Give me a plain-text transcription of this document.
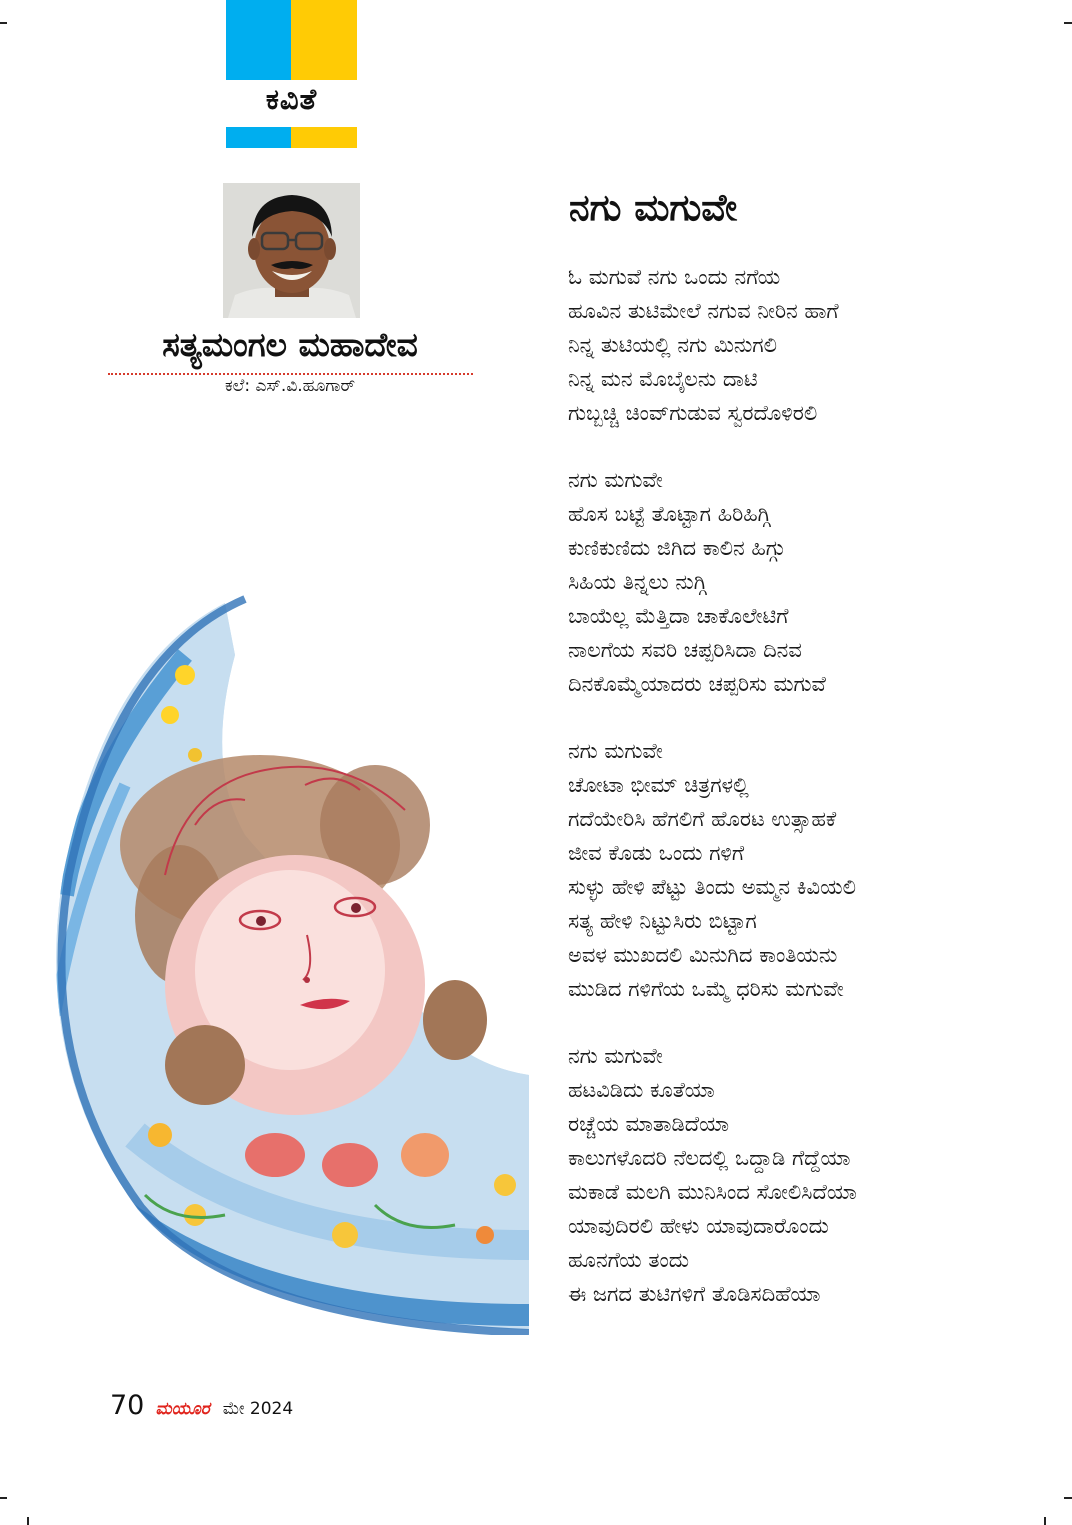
ಕವಿತೆ
ಸತ್ಯಮಂಗಲ ಮಹಾದೇವ
ಕಲೆ: ಎಸ್.ವಿ.ಹೂಗಾರ್
ನಗು ಮಗುವೇ
ಓ ಮಗುವೆ ನಗು ಒಂದು ನಗೆಯ
ಹೂವಿನ ತುಟಿಮೇಲೆ ನಗುವ ನೀರಿನ ಹಾಗೆ
ನಿನ್ನ ತುಟಿಯಲ್ಲಿ ನಗು ಮಿನುಗಲಿ
ನಿನ್ನ ಮನ ಮೊಬೈಲನು ದಾಟಿ
ಗುಬ್ಬಚ್ಚಿ ಚಿಂವ್‌ಗುಡುವ ಸ್ವರದೊಳಿರಲಿ
ನಗು ಮಗುವೇ
ಹೊಸ ಬಟ್ಟೆ ತೊಟ್ಟಾಗ ಹಿರಿಹಿಗ್ಗಿ
ಕುಣಿಕುಣಿದು ಜಿಗಿದ ಕಾಲಿನ ಹಿಗ್ಗು
ಸಿಹಿಯ ತಿನ್ನಲು ನುಗ್ಗಿ
ಬಾಯೆಲ್ಲ ಮೆತ್ತಿದಾ ಚಾಕೊಲೇಟಿಗೆ
ನಾಲಗೆಯ ಸವರಿ ಚಪ್ಪರಿಸಿದಾ ದಿನವ
ದಿನಕೊಮ್ಮೆಯಾದರು ಚಪ್ಪರಿಸು ಮಗುವೆ
ನಗು ಮಗುವೇ
ಚೋಟಾ ಭೀಮ್ ಚಿತ್ರಗಳಲ್ಲಿ
ಗದೆಯೇರಿಸಿ ಹೆಗಲಿಗೆ ಹೊರಟ ಉತ್ಸಾಹಕೆ
ಜೀವ ಕೊಡು ಒಂದು ಗಳಿಗೆ
ಸುಳ್ಳು ಹೇಳಿ ಪೆಟ್ಟು ತಿಂದು ಅಮ್ಮನ ಕಿವಿಯಲಿ
ಸತ್ಯ ಹೇಳಿ ನಿಟ್ಟುಸಿರು ಬಿಟ್ಟಾಗ
ಅವಳ ಮುಖದಲಿ ಮಿನುಗಿದ ಕಾಂತಿಯನು
ಮುಡಿದ ಗಳಿಗೆಯ ಒಮ್ಮೆ ಧರಿಸು ಮಗುವೇ
ನಗು ಮಗುವೇ
ಹಟವಿಡಿದು ಕೂತೆಯಾ
ರಚ್ಚೆಯ ಮಾತಾಡಿದೆಯಾ
ಕಾಲುಗಳೊದರಿ ನೆಲದಲ್ಲಿ ಒದ್ದಾಡಿ ಗೆದ್ದೆಯಾ
ಮಕಾಡೆ ಮಲಗಿ ಮುನಿಸಿಂದ ಸೋಲಿಸಿದೆಯಾ
ಯಾವುದಿರಲಿ ಹೇಳು ಯಾವುದಾರೊಂದು
ಹೂನಗೆಯ ತಂದು
ಈ ಜಗದ ತುಟಿಗಳಿಗೆ ತೊಡಿಸದಿಹೆಯಾ
70 ಮಯೂರ ಮೇ 2024
